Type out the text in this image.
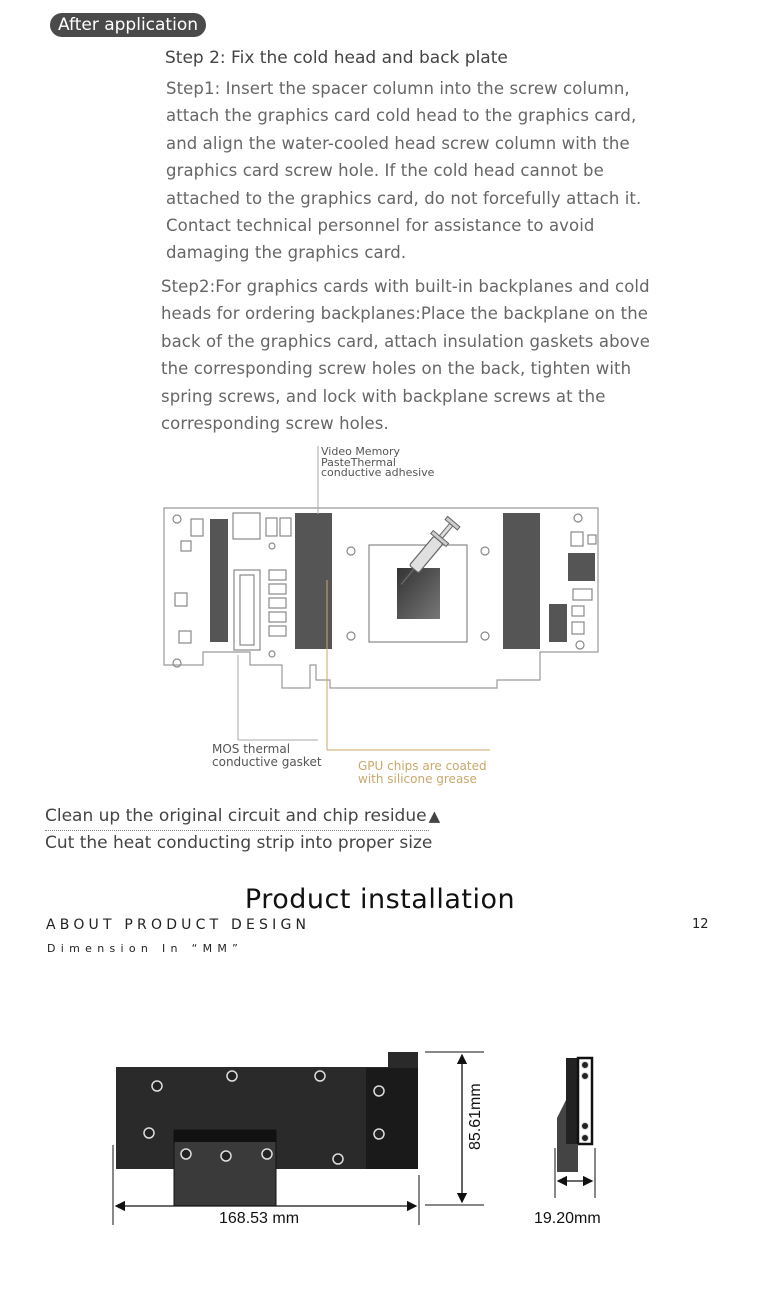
After application
Step 2: Fix the cold head and back plate
Step1: Insert the spacer column into the screw column, attach the graphics card cold head to the graphics card, and align the water-cooled head screw column with the graphics card screw hole. If the cold head cannot be attached to the graphics card, do not forcefully attach it. Contact technical personnel for assistance to avoid damaging the graphics card.
Step2:For graphics cards with built-in backplanes and cold heads for ordering backplanes:Place the backplane on the back of the graphics card, attach insulation gaskets above the corresponding screw holes on the back, tighten with spring screws, and lock with backplane screws at the corresponding screw holes.
Video Memory
PasteThermal
conductive adhesive
MOS thermal
conductive gasket	GPU chips are coated
with silicone grease
Clean up the original circuit and chip residue ▲
Cut the heat conducting strip into proper size
Product installation
ABOUT PRODUCT DESIGN	12
Dimension In “MM”
168.53 mm
85.61mm
19.20mm
